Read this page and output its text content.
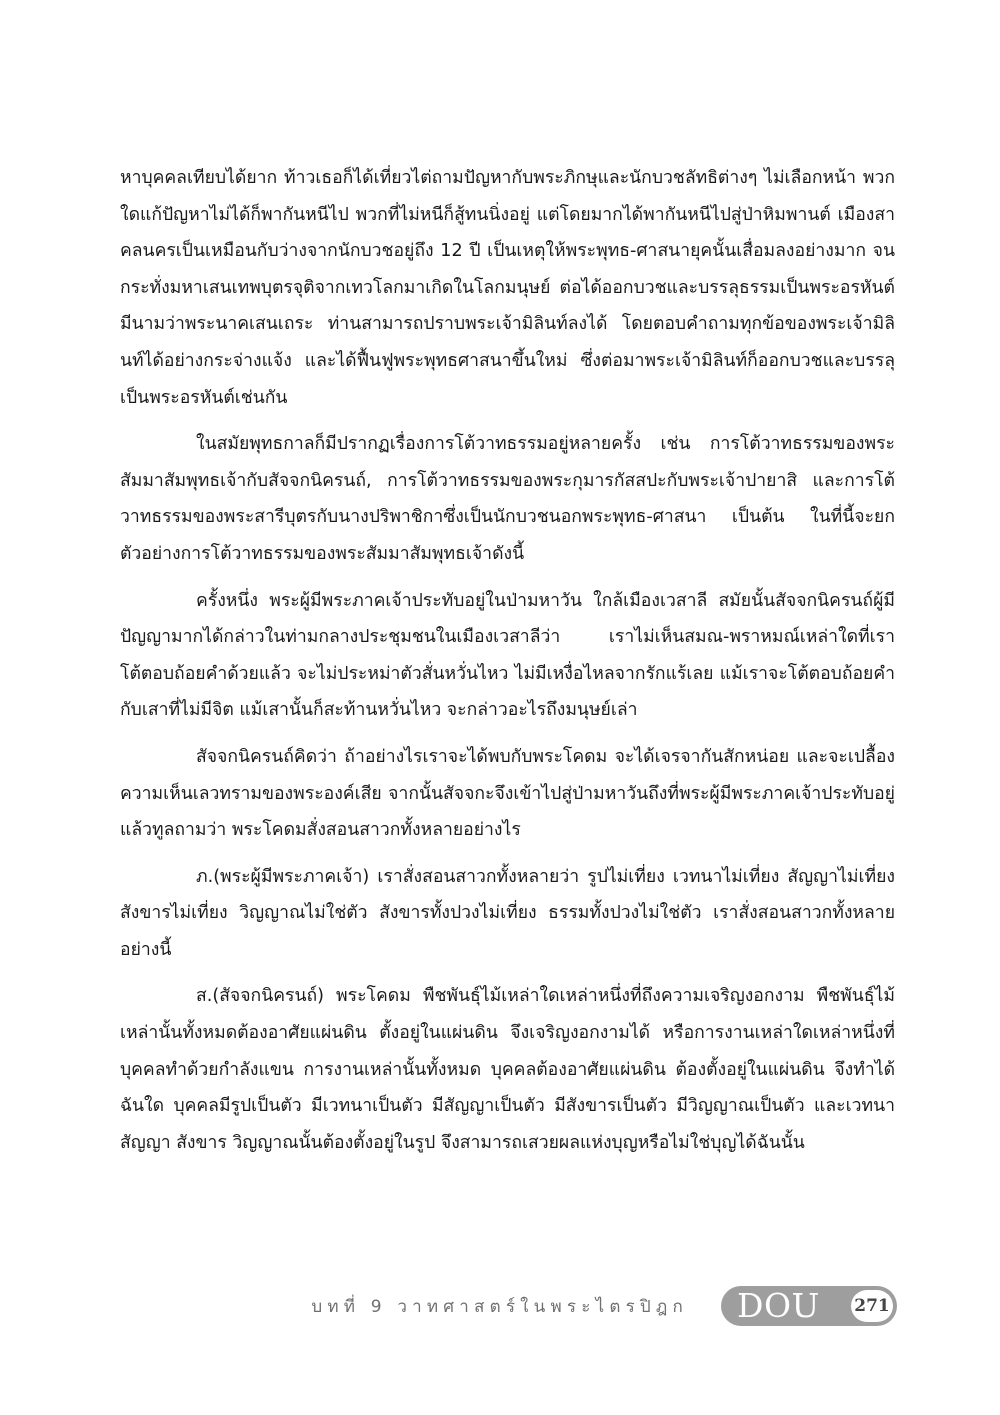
หาบุคคลเทียบได้ยาก ท้าวเธอก็ได้เที่ยวไต่ถามปัญหากับพระภิกษุและนักบวชลัทธิต่างๆ ไม่เลือกหน้า พวกใดแก้ปัญหาไม่ได้ก็พากันหนีไป พวกที่ไม่หนีก็สู้ทนนิ่งอยู่ แต่โดยมากได้พากันหนีไปสู่ป่าหิมพานต์ เมืองสาคลนครเป็นเหมือนกับว่างจากนักบวชอยู่ถึง 12 ปี เป็นเหตุให้พระพุทธ-ศาสนายุคนั้นเสื่อมลงอย่างมาก จนกระทั่งมหาเสนเทพบุตรจุติจากเทวโลกมาเกิดในโลกมนุษย์ ต่อได้ออกบวชและบรรลุธรรมเป็นพระอรหันต์มีนามว่าพระนาคเสนเถระ ท่านสามารถปราบพระเจ้ามิลินท์ลงได้ โดยตอบคำถามทุกข้อของพระเจ้ามิลินท์ได้อย่างกระจ่างแจ้ง และได้ฟื้นฟูพระพุทธศาสนาขึ้นใหม่ ซึ่งต่อมาพระเจ้ามิลินท์ก็ออกบวชและบรรลุเป็นพระอรหันต์เช่นกัน

ในสมัยพุทธกาลก็มีปรากฏเรื่องการโต้วาทธรรมอยู่หลายครั้ง เช่น การโต้วาทธรรมของพระสัมมาสัมพุทธเจ้ากับสัจจกนิครนถ์, การโต้วาทธรรมของพระกุมารกัสสปะกับพระเจ้าปายาสิ และการโต้วาทธรรมของพระสารีบุตรกับนางปริพาชิกาซึ่งเป็นนักบวชนอกพระพุทธ-ศาสนา เป็นต้น ในที่นี้จะยกตัวอย่างการโต้วาทธรรมของพระสัมมาสัมพุทธเจ้าดังนี้

ครั้งหนึ่ง พระผู้มีพระภาคเจ้าประทับอยู่ในป่ามหาวัน ใกล้เมืองเวสาลี สมัยนั้นสัจจกนิครนถ์ผู้มีปัญญามากได้กล่าวในท่ามกลางประชุมชนในเมืองเวสาลีว่า เราไม่เห็นสมณ-พราหมณ์เหล่าใดที่เราโต้ตอบถ้อยคำด้วยแล้ว จะไม่ประหม่าตัวสั่นหวั่นไหว ไม่มีเหงื่อไหลจากรักแร้เลย แม้เราจะโต้ตอบถ้อยคำกับเสาที่ไม่มีจิต แม้เสานั้นก็สะท้านหวั่นไหว จะกล่าวอะไรถึงมนุษย์เล่า

สัจจกนิครนถ์คิดว่า ถ้าอย่างไรเราจะได้พบกับพระโคดม จะได้เจรจากันสักหน่อย และจะเปลื้องความเห็นเลวทรามของพระองค์เสีย จากนั้นสัจจกะจึงเข้าไปสู่ป่ามหาวันถึงที่พระผู้มีพระภาคเจ้าประทับอยู่ แล้วทูลถามว่า พระโคดมสั่งสอนสาวกทั้งหลายอย่างไร

ภ.(พระผู้มีพระภาคเจ้า) เราสั่งสอนสาวกทั้งหลายว่า รูปไม่เที่ยง เวทนาไม่เที่ยง สัญญาไม่เที่ยง สังขารไม่เที่ยง วิญญาณไม่ใช่ตัว สังขารทั้งปวงไม่เที่ยง ธรรมทั้งปวงไม่ใช่ตัว เราสั่งสอนสาวกทั้งหลายอย่างนี้

ส.(สัจจกนิครนถ์) พระโคดม พืชพันธุ์ไม้เหล่าใดเหล่าหนึ่งที่ถึงความเจริญงอกงาม พืชพันธุ์ไม้เหล่านั้นทั้งหมดต้องอาศัยแผ่นดิน ตั้งอยู่ในแผ่นดิน จึงเจริญงอกงามได้ หรือการงานเหล่าใดเหล่าหนึ่งที่บุคคลทำด้วยกำลังแขน การงานเหล่านั้นทั้งหมด บุคคลต้องอาศัยแผ่นดิน ต้องตั้งอยู่ในแผ่นดิน จึงทำได้ฉันใด บุคคลมีรูปเป็นตัว มีเวทนาเป็นตัว มีสัญญาเป็นตัว มีสังขารเป็นตัว มีวิญญาณเป็นตัว และเวทนา สัญญา สังขาร วิญญาณนั้นต้องตั้งอยู่ในรูป จึงสามารถเสวยผลแห่งบุญหรือไม่ใช่บุญได้ฉันนั้น

บทที่ 9 วาทศาสตร์ในพระไตรปิฎก DOU 271
